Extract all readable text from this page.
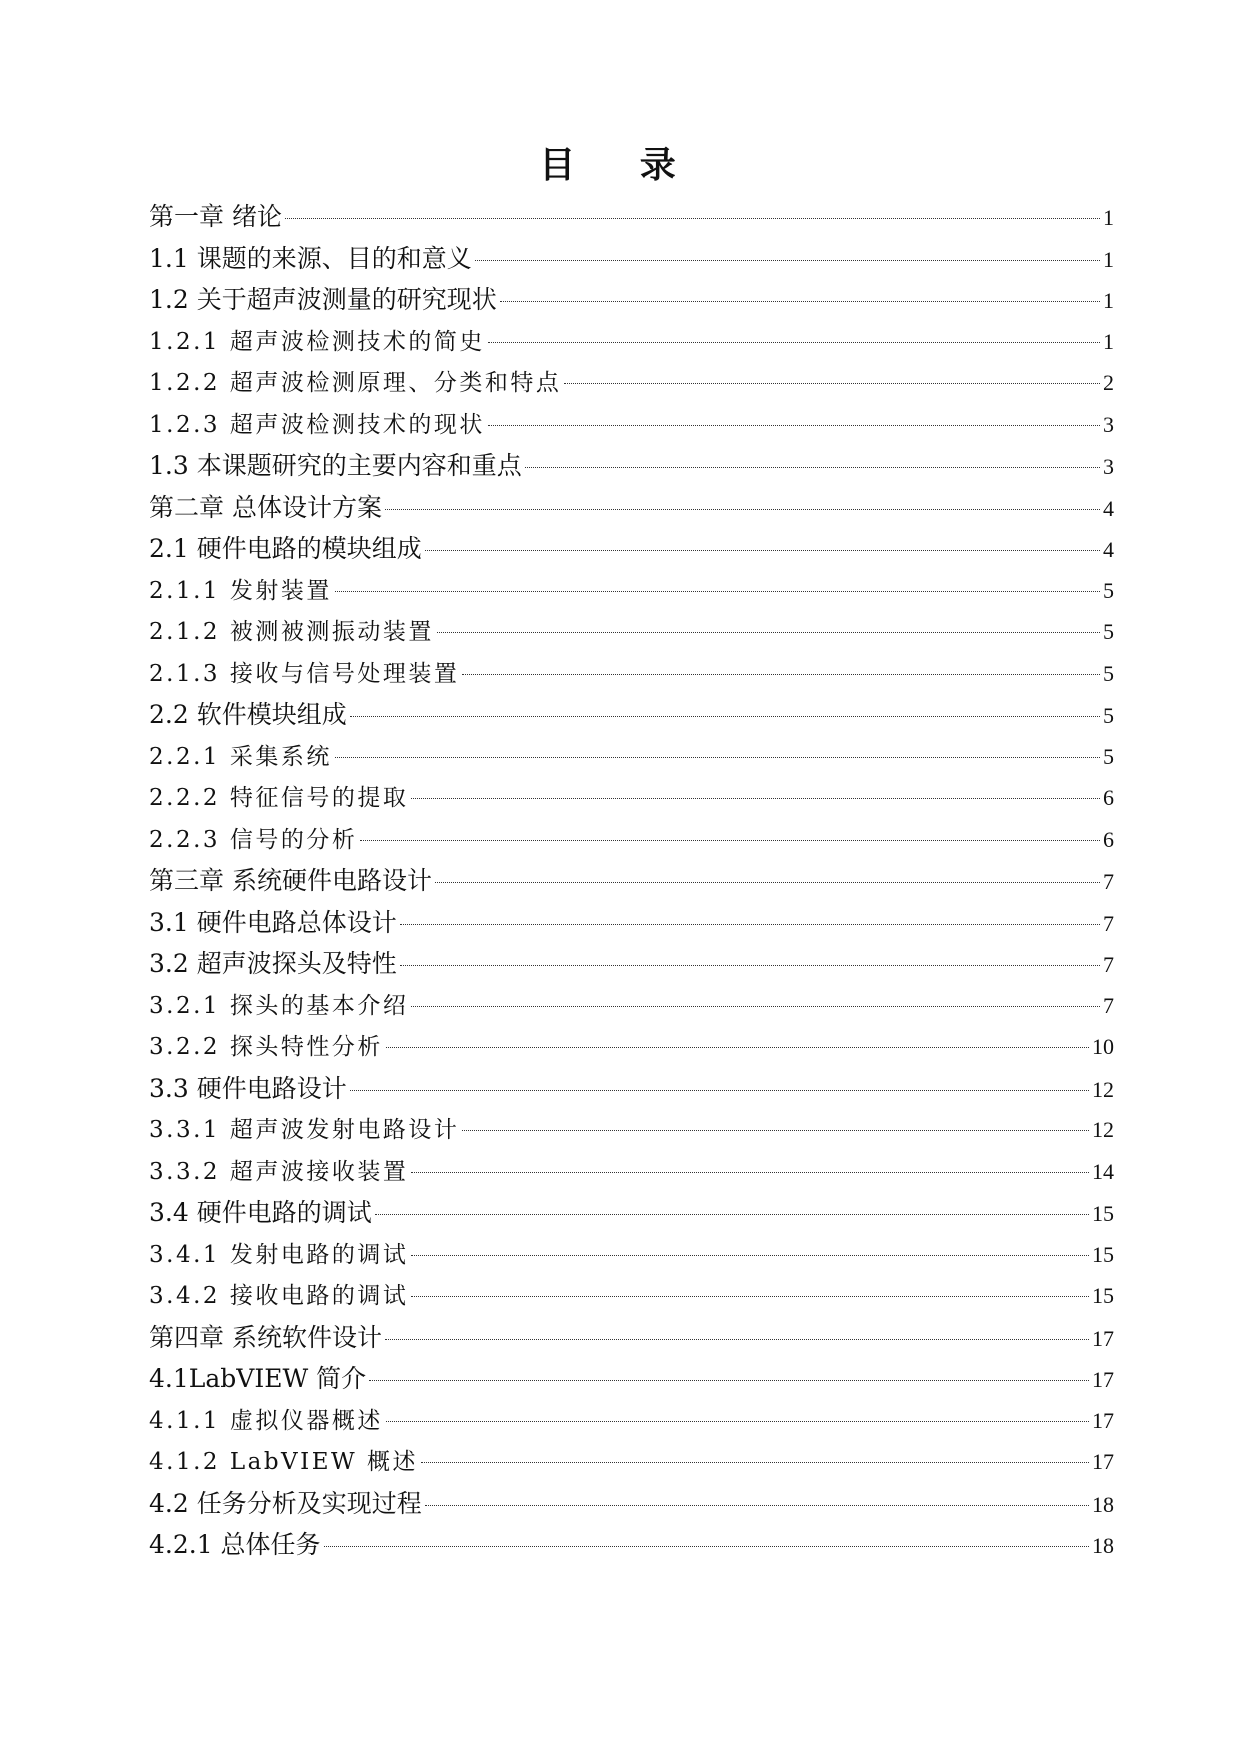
目 录
第一章 绪论	1
1.1 课题的来源、目的和意义	1
1.2 关于超声波测量的研究现状	1
1.2.1 超声波检测技术的简史	1
1.2.2 超声波检测原理、分类和特点	2
1.2.3 超声波检测技术的现状	3
1.3 本课题研究的主要内容和重点	3
第二章 总体设计方案	4
2.1 硬件电路的模块组成	4
2.1.1 发射装置	5
2.1.2 被测被测振动装置	5
2.1.3 接收与信号处理装置	5
2.2 软件模块组成	5
2.2.1 采集系统	5
2.2.2 特征信号的提取	6
2.2.3 信号的分析	6
第三章 系统硬件电路设计	7
3.1 硬件电路总体设计	7
3.2 超声波探头及特性	7
3.2.1 探头的基本介绍	7
3.2.2 探头特性分析	10
3.3 硬件电路设计	12
3.3.1 超声波发射电路设计	12
3.3.2 超声波接收装置	14
3.4 硬件电路的调试	15
3.4.1 发射电路的调试	15
3.4.2 接收电路的调试	15
第四章 系统软件设计	17
4.1LabVIEW 简介	17
4.1.1 虚拟仪器概述	17
4.1.2 LabVIEW 概述	17
4.2 任务分析及实现过程	18
4.2.1 总体任务	18
